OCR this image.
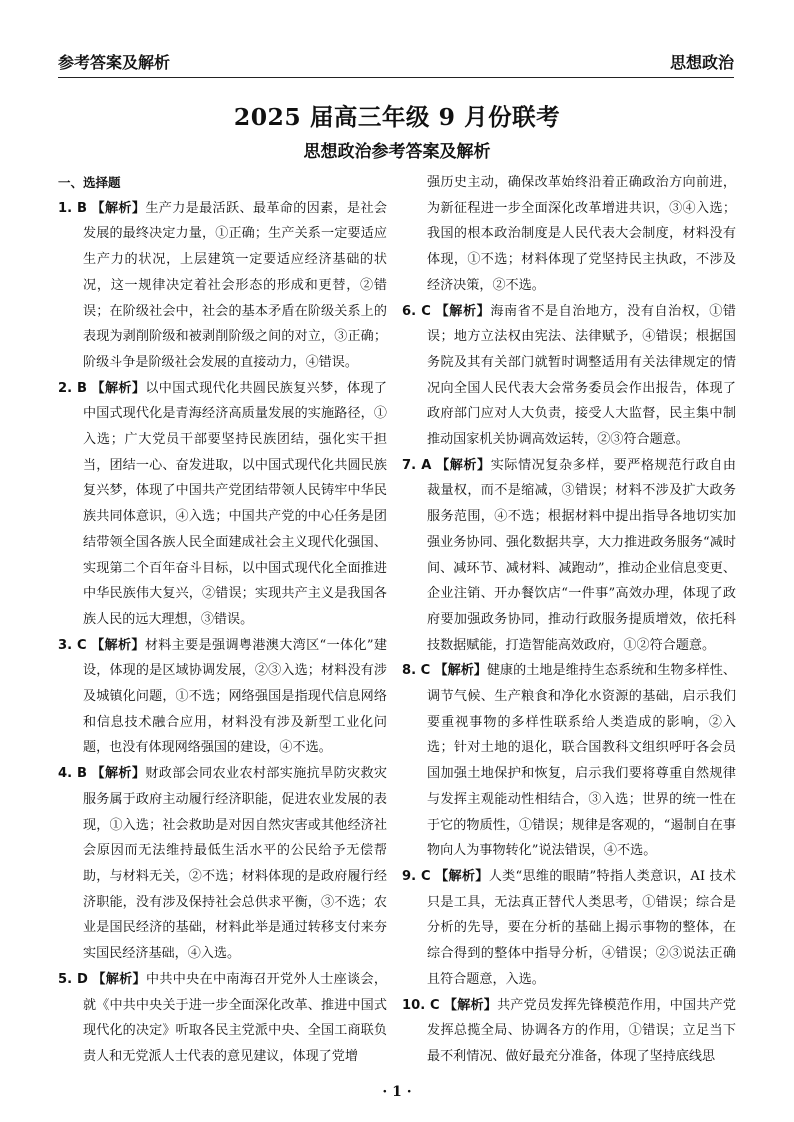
参考答案及解析	思想政治
2025 届高三年级 9 月份联考
思想政治参考答案及解析
一、选择题

1. B 【解析】生产力是最活跃、最革命的因素，是社会发展的最终决定力量，①正确；生产关系一定要适应生产力的状况，上层建筑一定要适应经济基础的状况，这一规律决定着社会形态的形成和更替，②错误；在阶级社会中，社会的基本矛盾在阶级关系上的表现为剥削阶级和被剥削阶级之间的对立，③正确；阶级斗争是阶级社会发展的直接动力，④错误。

2. B 【解析】以中国式现代化共圆民族复兴梦，体现了中国式现代化是青海经济高质量发展的实施路径，①入选；广大党员干部要坚持民族团结，强化实干担当，团结一心、奋发进取，以中国式现代化共圆民族复兴梦，体现了中国共产党团结带领人民铸牢中华民族共同体意识，④入选；中国共产党的中心任务是团结带领全国各族人民全面建成社会主义现代化强国、实现第二个百年奋斗目标，以中国式现代化全面推进中华民族伟大复兴，②错误；实现共产主义是我国各族人民的远大理想，③错误。

3. C 【解析】材料主要是强调粤港澳大湾区“一体化”建设，体现的是区域协调发展，②③入选；材料没有涉及城镇化问题，①不选；网络强国是指现代信息网络和信息技术融合应用，材料没有涉及新型工业化问题，也没有体现网络强国的建设，④不选。

4. B 【解析】财政部会同农业农村部实施抗旱防灾救灾服务属于政府主动履行经济职能，促进农业发展的表现，①入选；社会救助是对因自然灾害或其他经济社会原因而无法维持最低生活水平的公民给予无偿帮助，与材料无关，②不选；材料体现的是政府履行经济职能，没有涉及保持社会总供求平衡，③不选；农业是国民经济的基础，材料此举是通过转移支付来夯实国民经济基础，④入选。

5. D 【解析】中共中央在中南海召开党外人士座谈会，就《中共中央关于进一步全面深化改革、推进中国式现代化的决定》听取各民主党派中央、全国工商联负责人和无党派人士代表的意见建议，体现了党增

强历史主动，确保改革始终沿着正确政治方向前进，为新征程进一步全面深化改革增进共识，③④入选；我国的根本政治制度是人民代表大会制度，材料没有体现，①不选；材料体现了党坚持民主执政，不涉及经济决策，②不选。

6. C 【解析】海南省不是自治地方，没有自治权，①错误；地方立法权由宪法、法律赋予，④错误；根据国务院及其有关部门就暂时调整适用有关法律规定的情况向全国人民代表大会常务委员会作出报告，体现了政府部门应对人大负责，接受人大监督，民主集中制推动国家机关协调高效运转，②③符合题意。

7. A 【解析】实际情况复杂多样，要严格规范行政自由裁量权，而不是缩减，③错误；材料不涉及扩大政务服务范围，④不选；根据材料中提出指导各地切实加强业务协同、强化数据共享，大力推进政务服务“减时间、减环节、减材料、减跑动”，推动企业信息变更、企业注销、开办餐饮店“一件事”高效办理，体现了政府要加强政务协同，推动行政服务提质增效，依托科技数据赋能，打造智能高效政府，①②符合题意。

8. C 【解析】健康的土地是维持生态系统和生物多样性、调节气候、生产粮食和净化水资源的基础，启示我们要重视事物的多样性联系给人类造成的影响，②入选；针对土地的退化，联合国教科文组织呼吁各会员国加强土地保护和恢复，启示我们要将尊重自然规律与发挥主观能动性相结合，③入选；世界的统一性在于它的物质性，①错误；规律是客观的，“遏制自在事物向人为事物转化”说法错误，④不选。

9. C 【解析】人类“思维的眼睛”特指人类意识，AI 技术只是工具，无法真正替代人类思考，①错误；综合是分析的先导，要在分析的基础上揭示事物的整体，在综合得到的整体中指导分析，④错误；②③说法正确且符合题意，入选。

10. C 【解析】共产党员发挥先锋模范作用，中国共产党发挥总揽全局、协调各方的作用，①错误；立足当下最不利情况、做好最充分准备，体现了坚持底线思

· 1 ·
